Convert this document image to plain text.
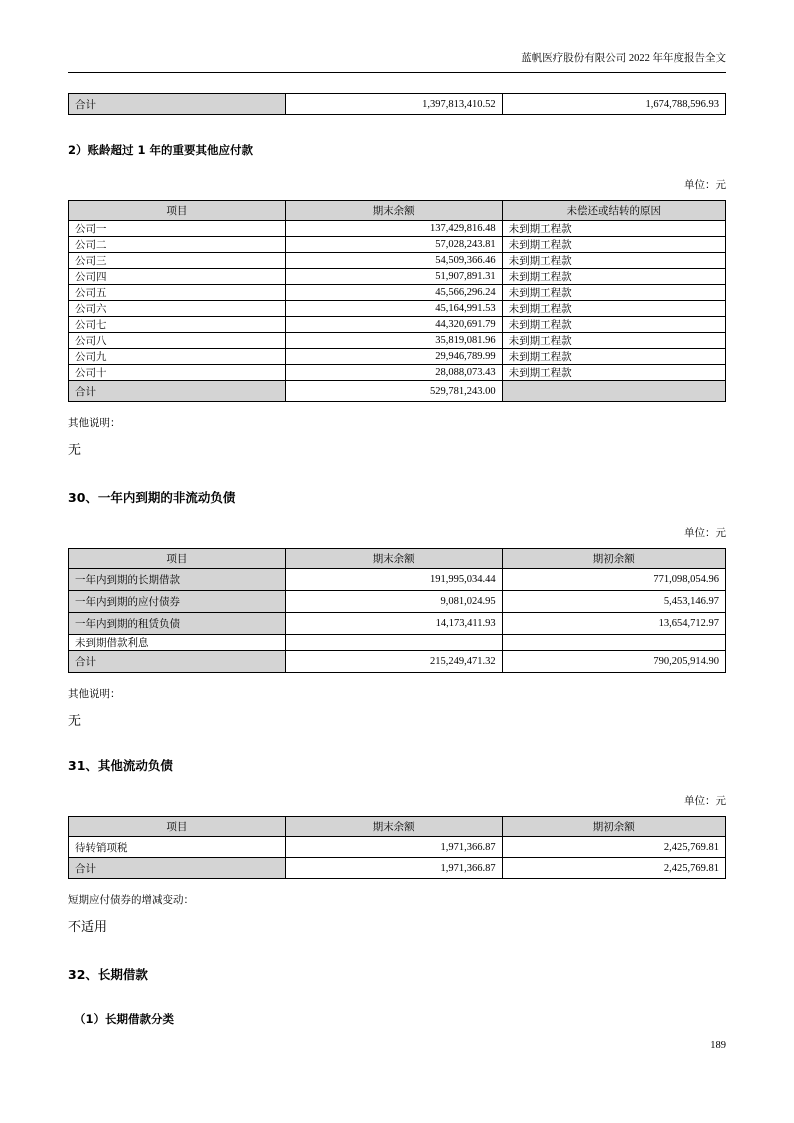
蓝帆医疗股份有限公司 2022 年年度报告全文
合计	1,397,813,410.52	1,674,788,596.93
2）账龄超过 1 年的重要其他应付款
单位：元
项目	期末余额	未偿还或结转的原因
公司一	137,429,816.48	未到期工程款
公司二	57,028,243.81	未到期工程款
公司三	54,509,366.46	未到期工程款
公司四	51,907,891.31	未到期工程款
公司五	45,566,296.24	未到期工程款
公司六	45,164,991.53	未到期工程款
公司七	44,320,691.79	未到期工程款
公司八	35,819,081.96	未到期工程款
公司九	29,946,789.99	未到期工程款
公司十	28,088,073.43	未到期工程款
合计	529,781,243.00	
其他说明：
无
30、一年内到期的非流动负债
单位：元
项目	期末余额	期初余额
一年内到期的长期借款	191,995,034.44	771,098,054.96
一年内到期的应付债券	9,081,024.95	5,453,146.97
一年内到期的租赁负债	14,173,411.93	13,654,712.97
未到期借款利息		
合计	215,249,471.32	790,205,914.90
其他说明：
无
31、其他流动负债
单位：元
项目	期末余额	期初余额
待转销项税	1,971,366.87	2,425,769.81
合计	1,971,366.87	2,425,769.81
短期应付债券的增减变动：
不适用
32、长期借款
（1）长期借款分类
189
